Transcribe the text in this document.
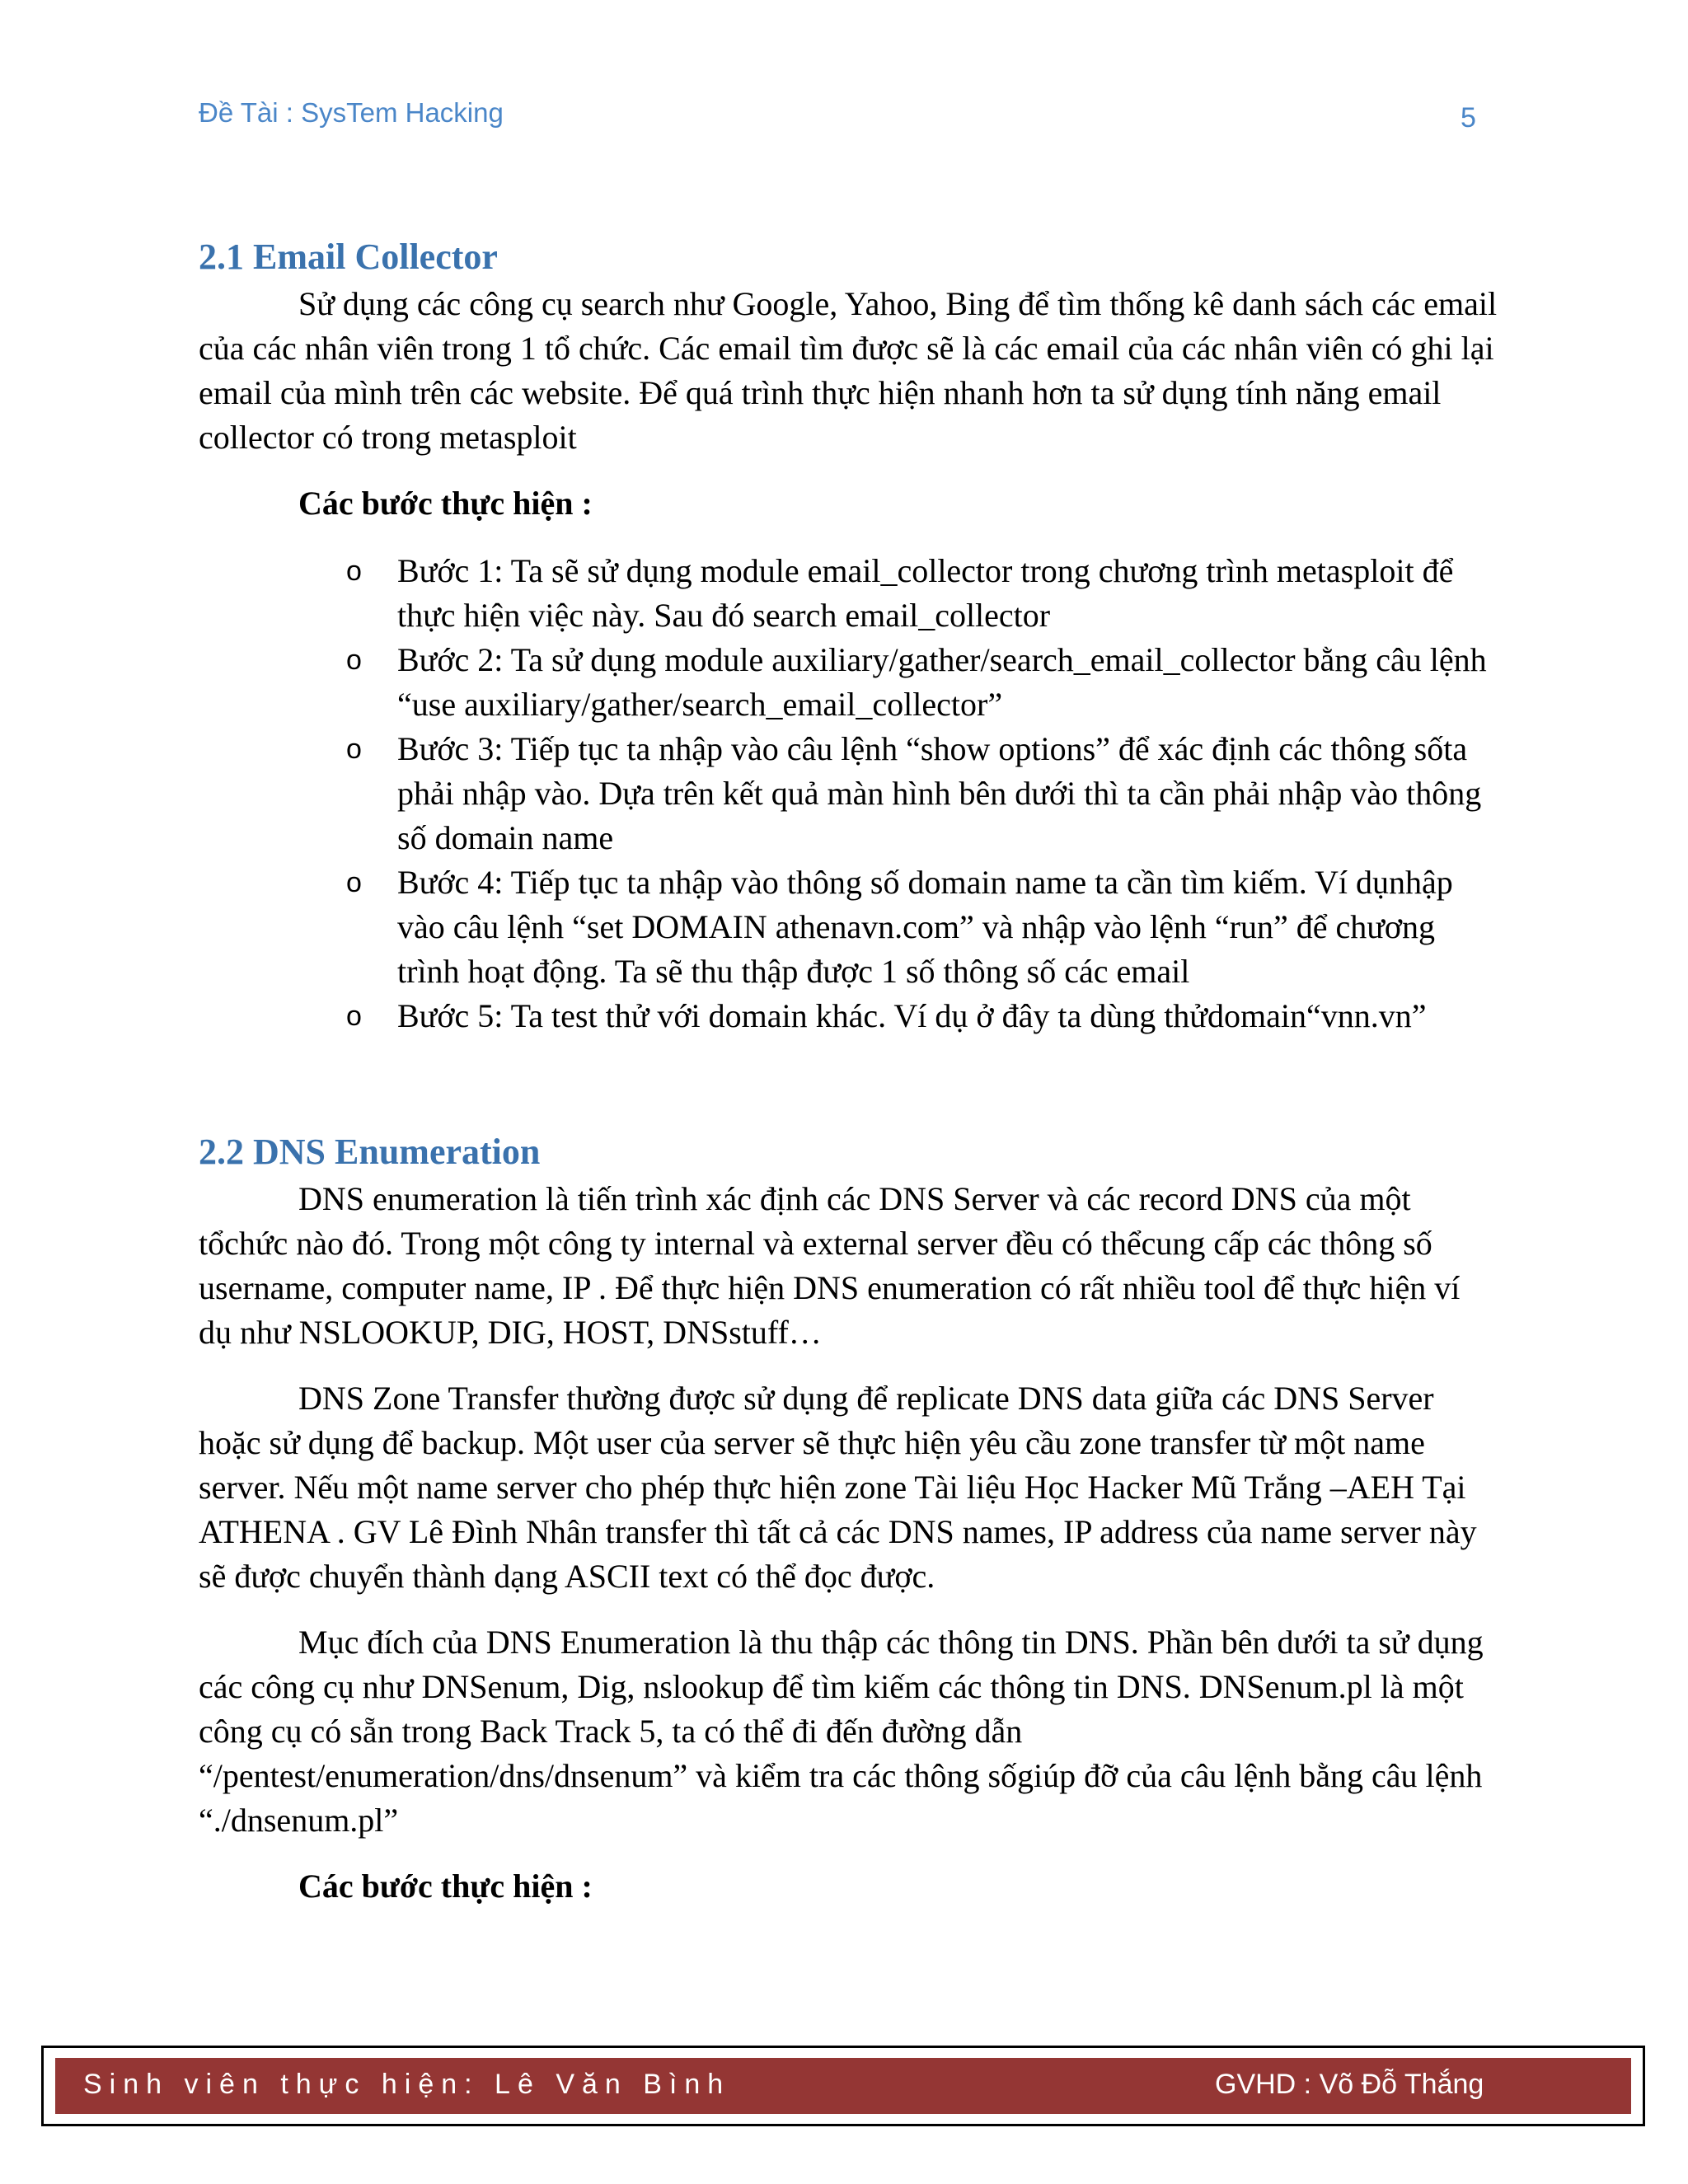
Đề Tài : SysTem Hacking	5
2.1 Email Collector

Sử dụng các công cụ search như Google, Yahoo, Bing để tìm thống kê danh sách các email của các nhân viên trong 1 tổ chức. Các email tìm được sẽ là các email của các nhân viên có ghi lại email của mình trên các website. Để quá trình thực hiện nhanh hơn ta sử dụng tính năng email collector có trong metasploit

Các bước thực hiện :
o Bước 1: Ta sẽ sử dụng module email_collector trong chương trình metasploit để thực hiện việc này. Sau đó search email_collector
o Bước 2: Ta sử dụng module auxiliary/gather/search_email_collector bằng câu lệnh “use auxiliary/gather/search_email_collector”
o Bước 3: Tiếp tục ta nhập vào câu lệnh “show options” để xác định các thông sốta phải nhập vào. Dựa trên kết quả màn hình bên dưới thì ta cần phải nhập vào thông số domain name
o Bước 4: Tiếp tục ta nhập vào thông số domain name ta cần tìm kiếm. Ví dụnhập vào câu lệnh “set DOMAIN athenavn.com” và nhập vào lệnh “run” để chương trình hoạt động. Ta sẽ thu thập được 1 số thông số các email
o Bước 5: Ta test thử với domain khác. Ví dụ ở đây ta dùng thửdomain“vnn.vn”
2.2 DNS Enumeration

DNS enumeration là tiến trình xác định các DNS Server và các record DNS của một tổchức nào đó. Trong một công ty internal và external server đều có thểcung cấp các thông số username, computer name, IP . Để thực hiện DNS enumeration có rất nhiều tool để thực hiện ví dụ như NSLOOKUP, DIG, HOST, DNSstuff…

DNS Zone Transfer thường được sử dụng để replicate DNS data giữa các DNS Server hoặc sử dụng để backup. Một user của server sẽ thực hiện yêu cầu zone transfer từ một name server. Nếu một name server cho phép thực hiện zone Tài liệu Học Hacker Mũ Trắng –AEH Tại ATHENA . GV Lê Đình Nhân transfer thì tất cả các DNS names, IP address của name server này sẽ được chuyển thành dạng ASCII text có thể đọc được.

Mục đích của DNS Enumeration là thu thập các thông tin DNS. Phần bên dưới ta sử dụng các công cụ như DNSenum, Dig, nslookup để tìm kiếm các thông tin DNS. DNSenum.pl là một công cụ có sẵn trong Back Track 5, ta có thể đi đến đường dẫn “/pentest/enumeration/dns/dnsenum” và kiểm tra các thông sốgiúp đỡ của câu lệnh bằng câu lệnh “./dnsenum.pl”

Các bước thực hiện :
Sinh viên thực hiện: Lê Văn Bình	GVHD : Võ Đỗ Thắng
